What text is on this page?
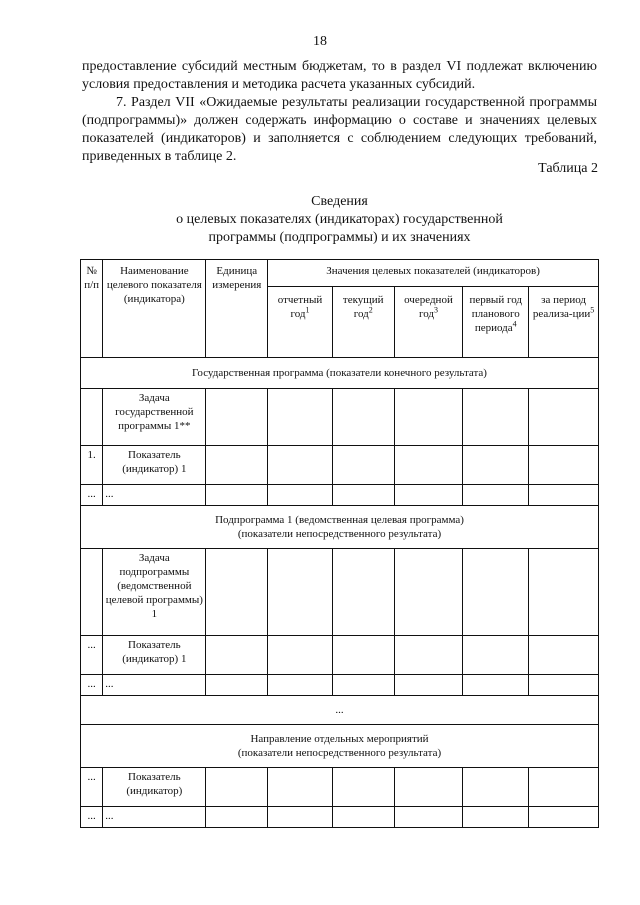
18
предоставление субсидий местным бюджетам, то в раздел VI подлежат включению условия предоставления и методика расчета указанных субсидий.
7. Раздел VII «Ожидаемые результаты реализации государственной программы (подпрограммы)» должен содержать информацию о составе и значениях целевых показателей (индикаторов) и заполняется с соблюдением следующих требований, приведенных в таблице 2.
Таблица 2
Сведения
о целевых показателях (индикаторах) государственной программы (подпрограммы) и их значениях
№ п/п	Наименование целевого показателя (индикатора)	Единица измерения	Значения целевых показателей (индикаторов)				
			отчетный год$^1$	текущий год$^2$	очередной год$^3$	первый год планового периода$^4$	за период реализа-ции$^5$
Государственная программа (показатели конечного результата)							
	Задача государственной программы 1**						
1.	Показатель (индикатор) 1						
...	...						

Подпрограмма 1 (ведомственная целевая программа)
(показатели непосредственного результата)							

	Задача подпрограммы (ведомственной целевой программы) 1						
...	Показатель (индикатор) 1						
...	...						
...							

Направление отдельных мероприятий
(показатели непосредственного результата)							

...	Показатель (индикатор)						
...	...						
